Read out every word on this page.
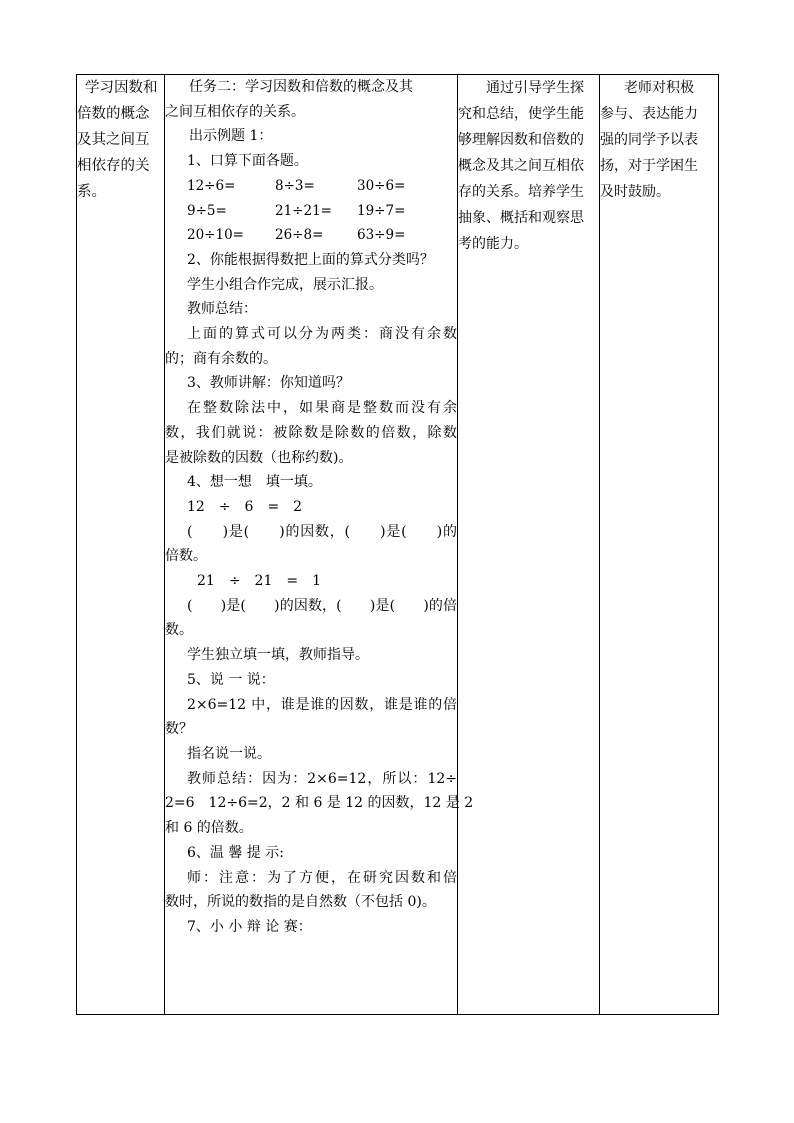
学习因数和
倍数的概念
及其之间互
相依存的关
系。

任务二：学习因数和倍数的概念及其
之间互相依存的关系。
出示例题 1：
1、口算下面各题。
12÷6=	8÷3=	30÷6=
9÷5=	21÷21=	19÷7=
20÷10=	26÷8=	63÷9=
2、你能根据得数把上面的算式分类吗？
学生小组合作完成，展示汇报。
教师总结：
上面的算式可以分为两类：商没有余数
的；商有余数的。
3、教师讲解：你知道吗？
在整数除法中，如果商是整数而没有余
数，我们就说：被除数是除数的倍数，除数
是被除数的因数（也称约数)。
4、想一想　填一填。
12　÷　6　=　2
(　　)是(　　)的因数，(　　)是(　　)的
倍数。
21　÷　21　=　1
(　　)是(　　)的因数，(　　)是(　　)的倍
数。
学生独立填一填，教师指导。
5、说 一 说：
2×6=12 中，谁是谁的因数，谁是谁的倍
数？
指名说一说。
教师总结：因为：2×6=12，所以：12÷
2=6　12÷6=2，2 和 6 是 12 的因数，12 是 2
和 6 的倍数。
6、温 馨 提 示:
师：注意：为了方便，在研究因数和倍
数时，所说的数指的是自然数（不包括 0)。
7、小 小 辩 论 赛：

通过引导学生探
究和总结，使学生能
够理解因数和倍数的
概念及其之间互相依
存的关系。培养学生
抽象、概括和观察思
考的能力。

老师对积极
参与、表达能力
强的同学予以表
扬，对于学困生
及时鼓励。
